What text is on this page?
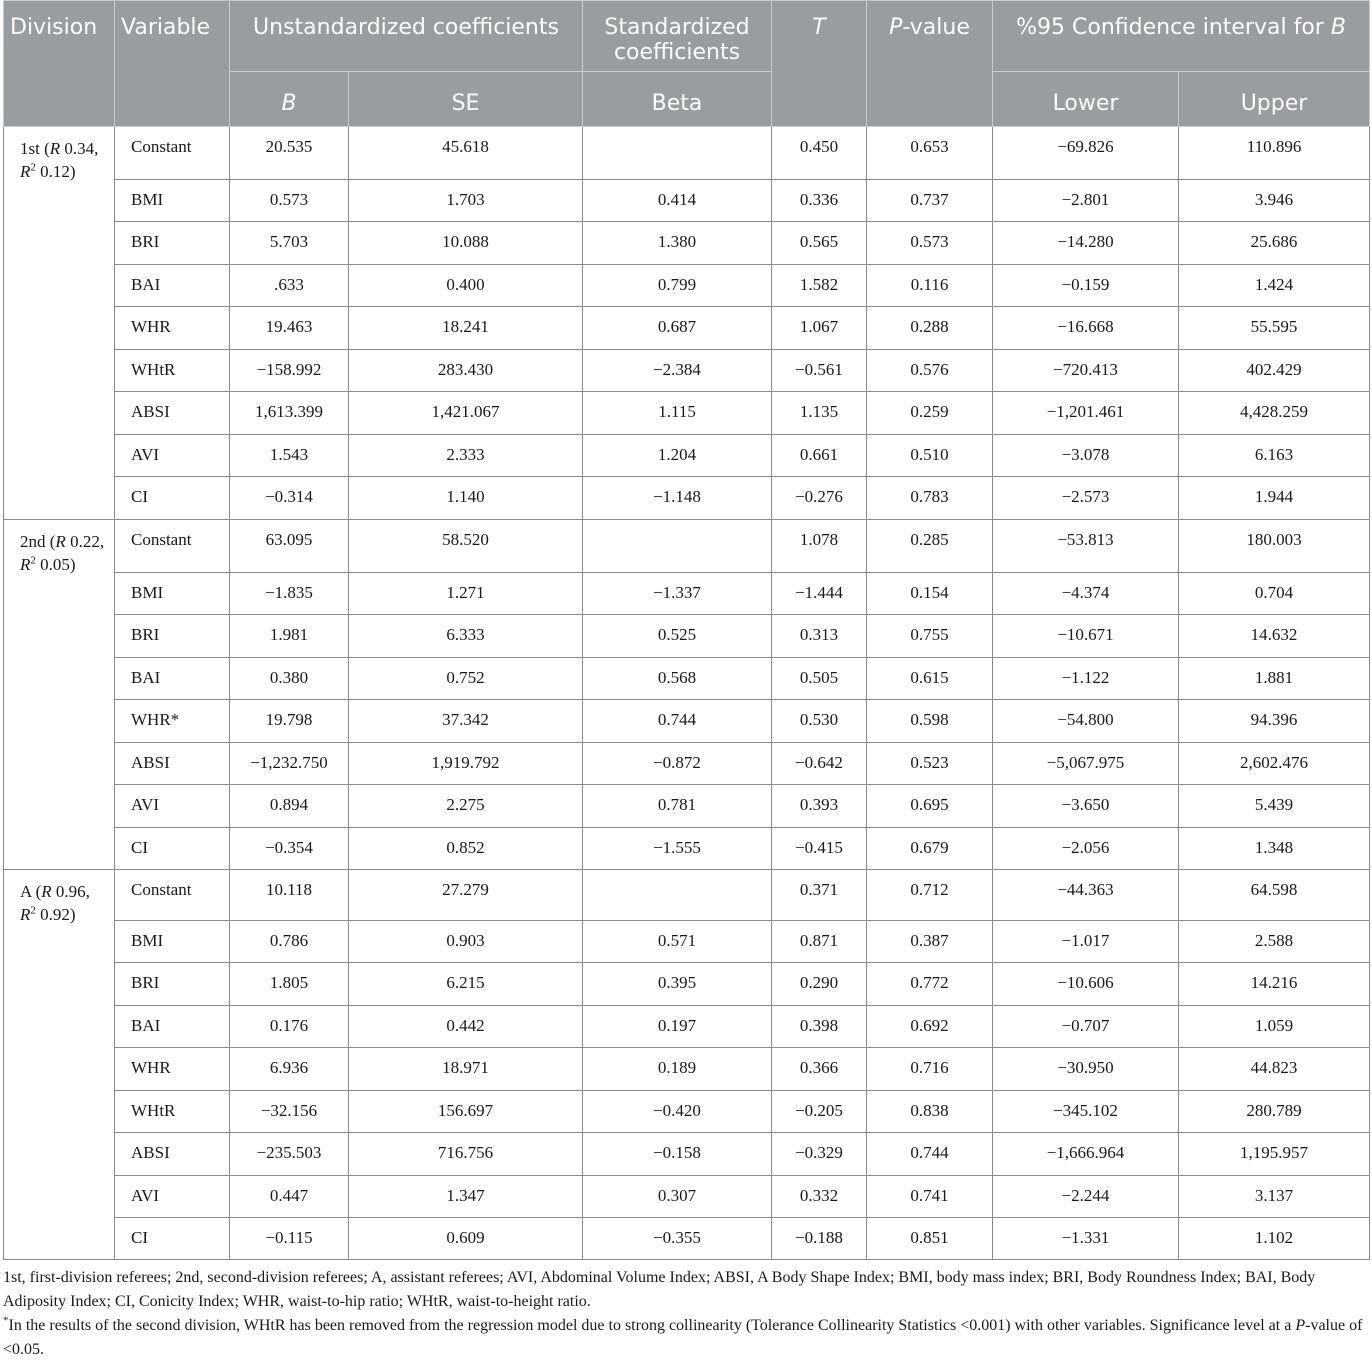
Division	Variable	Unstandardized coefficients		Standardized coefficients	T	P-value	%95 Confidence interval for B	
		B	SE	Beta			Lower	Upper
1st (R 0.34, $R^2$ 0.12)	Constant	20.535	45.618		0.450	0.653	−69.826	110.896
	BMI	0.573	1.703	0.414	0.336	0.737	−2.801	3.946
	BRI	5.703	10.088	1.380	0.565	0.573	−14.280	25.686
	BAI	.633	0.400	0.799	1.582	0.116	−0.159	1.424
	WHR	19.463	18.241	0.687	1.067	0.288	−16.668	55.595
	WHtR	−158.992	283.430	−2.384	−0.561	0.576	−720.413	402.429
	ABSI	1,613.399	1,421.067	1.115	1.135	0.259	−1,201.461	4,428.259
	AVI	1.543	2.333	1.204	0.661	0.510	−3.078	6.163
	CI	−0.314	1.140	−1.148	−0.276	0.783	−2.573	1.944
2nd (R 0.22, $R^2$ 0.05)	Constant	63.095	58.520		1.078	0.285	−53.813	180.003
	BMI	−1.835	1.271	−1.337	−1.444	0.154	−4.374	0.704
	BRI	1.981	6.333	0.525	0.313	0.755	−10.671	14.632
	BAI	0.380	0.752	0.568	0.505	0.615	−1.122	1.881
	WHR*	19.798	37.342	0.744	0.530	0.598	−54.800	94.396
	ABSI	−1,232.750	1,919.792	−0.872	−0.642	0.523	−5,067.975	2,602.476
	AVI	0.894	2.275	0.781	0.393	0.695	−3.650	5.439
	CI	−0.354	0.852	−1.555	−0.415	0.679	−2.056	1.348
A (R 0.96, $R^2$ 0.92)	Constant	10.118	27.279		0.371	0.712	−44.363	64.598
	BMI	0.786	0.903	0.571	0.871	0.387	−1.017	2.588
	BRI	1.805	6.215	0.395	0.290	0.772	−10.606	14.216
	BAI	0.176	0.442	0.197	0.398	0.692	−0.707	1.059
	WHR	6.936	18.971	0.189	0.366	0.716	−30.950	44.823
	WHtR	−32.156	156.697	−0.420	−0.205	0.838	−345.102	280.789
	ABSI	−235.503	716.756	−0.158	−0.329	0.744	−1,666.964	1,195.957
	AVI	0.447	1.347	0.307	0.332	0.741	−2.244	3.137
	CI	−0.115	0.609	−0.355	−0.188	0.851	−1.331	1.102

1st, first-division referees; 2nd, second-division referees; A, assistant referees; AVI, Abdominal Volume Index; ABSI, A Body Shape Index; BMI, body mass index; BRI, Body Roundness Index; BAI, Body Adiposity Index; CI, Conicity Index; WHR, waist-to-hip ratio; WHtR, waist-to-height ratio.

*In the results of the second division, WHtR has been removed from the regression model due to strong collinearity (Tolerance Collinearity Statistics <0.001) with other variables. Significance level at a P-value of <0.05.
